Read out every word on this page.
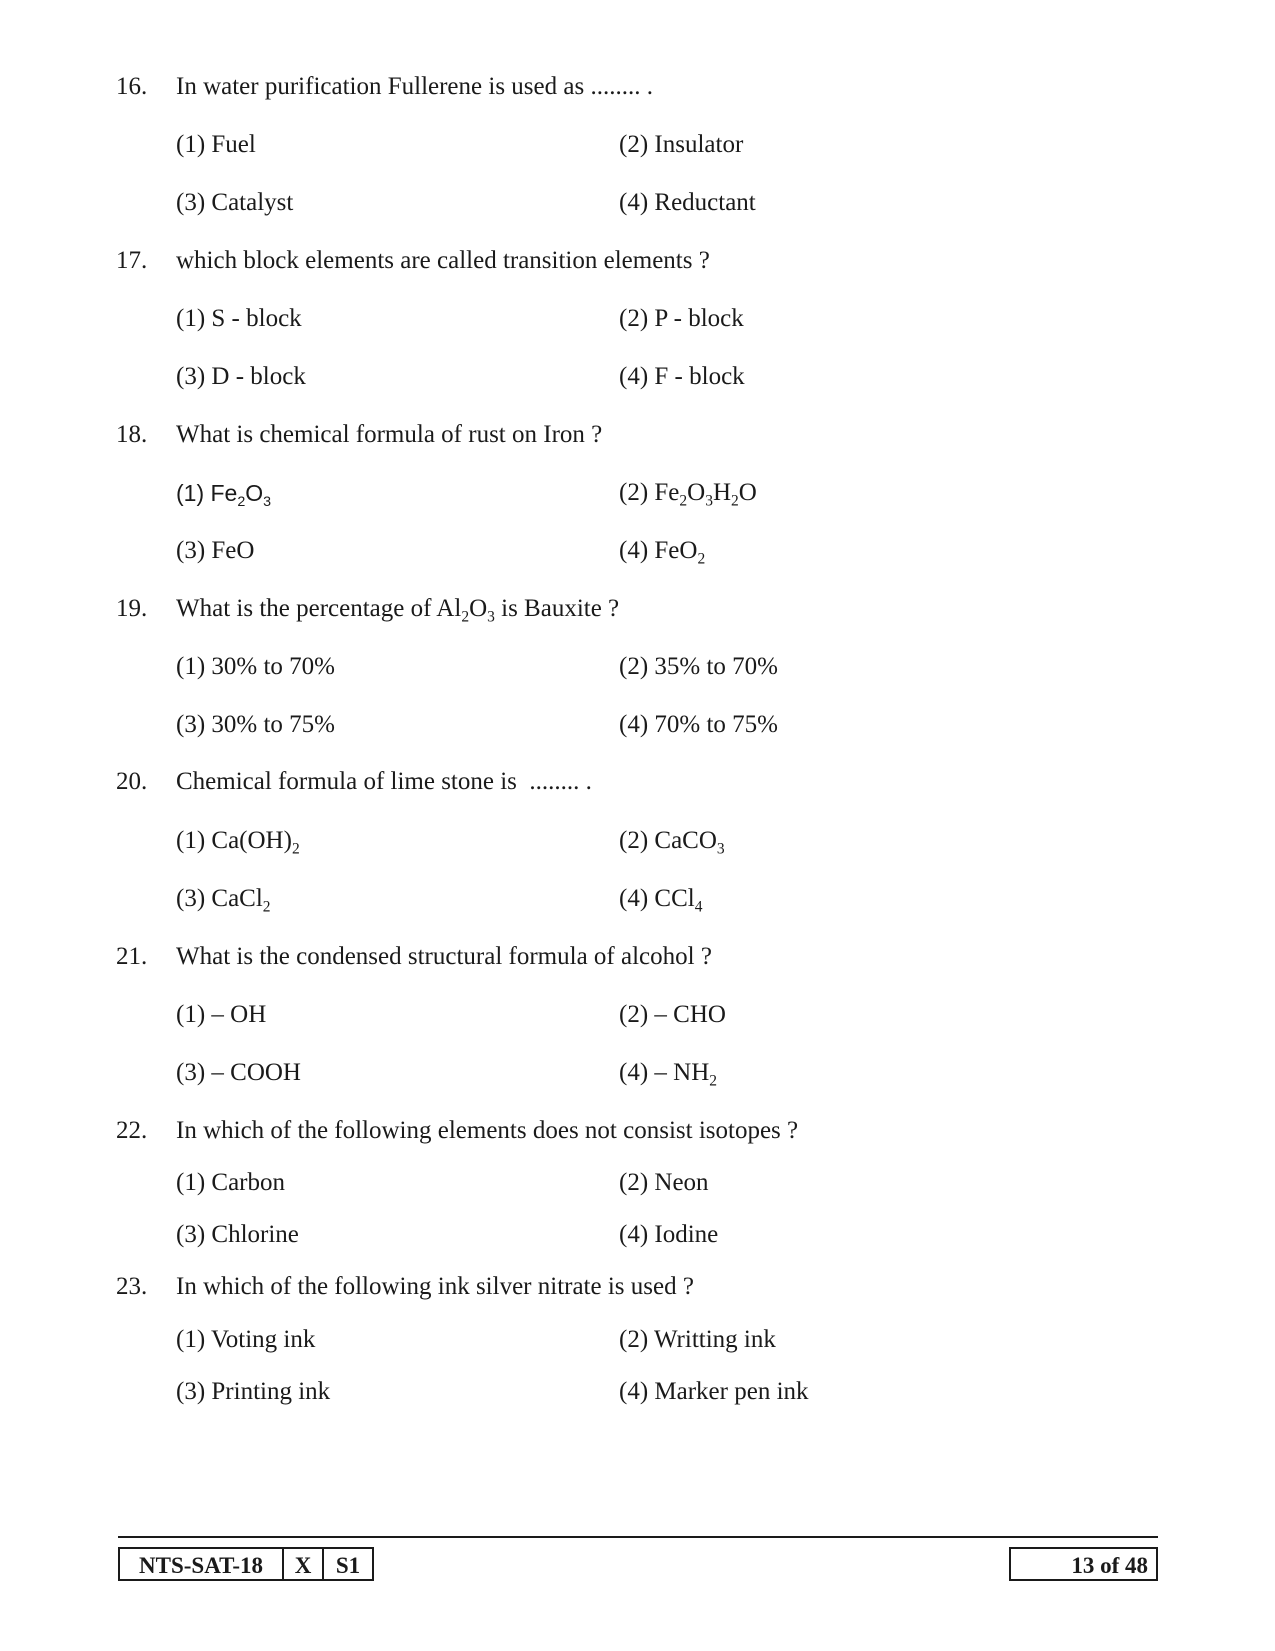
16. In water purification Fullerene is used as ........ .
(1) Fuel	(2) Insulator
(3) Catalyst	(4) Reductant
17. which block elements are called transition elements ?
(1) S - block	(2) P - block
(3) D - block	(4) F - block
18. What is chemical formula of rust on Iron ?
(1) $Fe_2O_3$	(2) $Fe_2O_3H_2O$
(3) FeO	(4) FeO$_2$
19. What is the percentage of $Al_2O_3$ is Bauxite ?
(1) 30% to 70%	(2) 35% to 70%
(3) 30% to 75%	(4) 70% to 75%
20. Chemical formula of lime stone is  ........ .
(1) $Ca(OH)_2$	(2) CaCO$_3$
(3) CaCl$_2$	(4) CCl$_4$
21. What is the condensed structural formula of alcohol ?
(1) – OH	(2) – CHO
(3) – COOH	$(4) - NH_2$
22. In which of the following elements does not consist isotopes ?
(1) Carbon	(2) Neon
(3) Chlorine	(4) Iodine
23. In which of the following ink silver nitrate is used ?
(1) Voting ink	(2) Writting ink
(3) Printing ink	(4) Marker pen ink
NTS-SAT-18	X	S1	13 of 48
